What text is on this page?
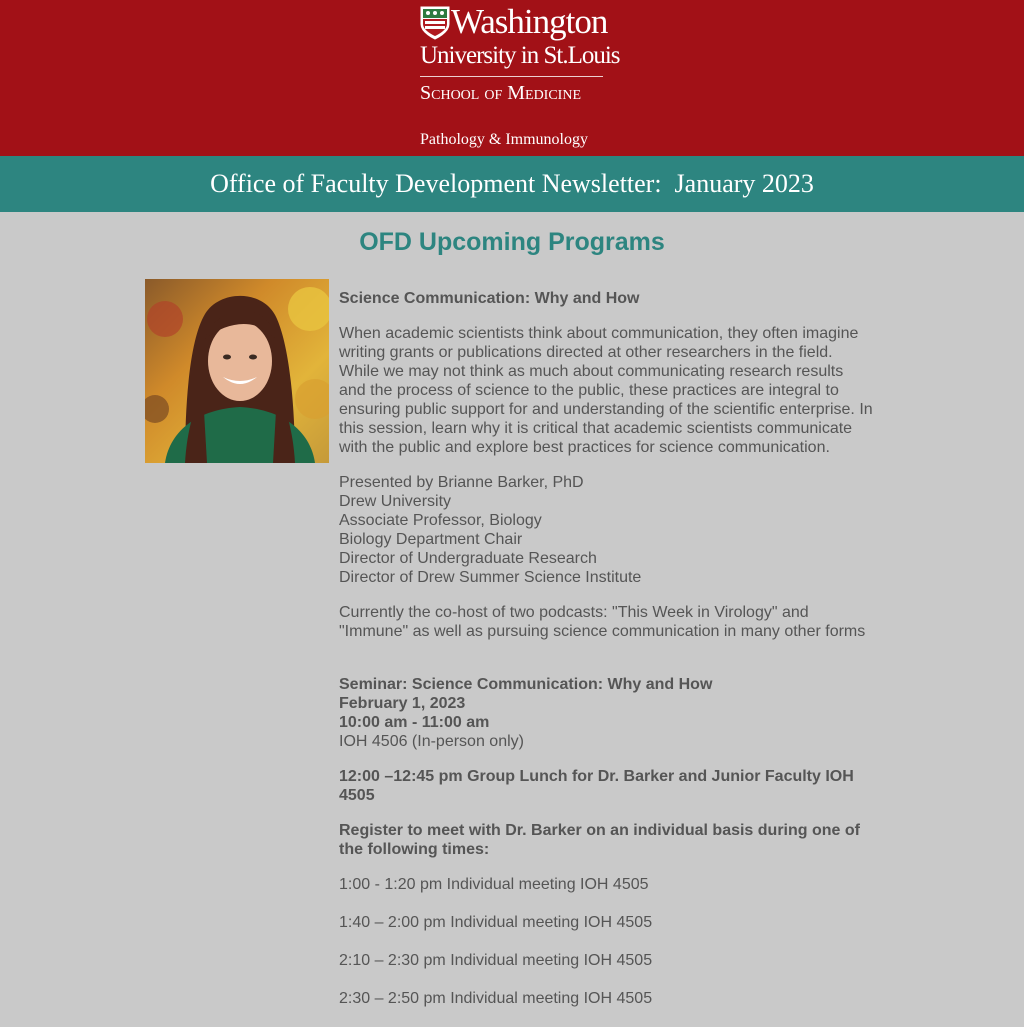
Washington
University in St.Louis
School of Medicine
Pathology & Immunology
Office of Faculty Development Newsletter:  January 2023
OFD Upcoming Programs

Science Communication: Why and How

When academic scientists think about communication, they often imagine writing grants or publications directed at other researchers in the field. While we may not think as much about communicating research results and the process of science to the public, these practices are integral to ensuring public support for and understanding of the scientific enterprise. In this session, learn why it is critical that academic scientists communicate with the public and explore best practices for science communication.

Presented by Brianne Barker, PhD
Drew University
Associate Professor, Biology
Biology Department Chair
Director of Undergraduate Research
Director of Drew Summer Science Institute

Currently the co-host of two podcasts: "This Week in Virology" and "Immune" as well as pursuing science communication in many other forms

Seminar: Science Communication: Why and How
February 1, 2023
10:00 am - 11:00 am
IOH 4506 (In-person only)

12:00 –12:45 pm Group Lunch for Dr. Barker and Junior Faculty IOH 4505

Register to meet with Dr. Barker on an individual basis during one of the following times:

1:00 - 1:20 pm Individual meeting IOH 4505
1:40 – 2:00 pm Individual meeting IOH 4505
2:10 – 2:30 pm Individual meeting IOH 4505
2:30 – 2:50 pm Individual meeting IOH 4505
